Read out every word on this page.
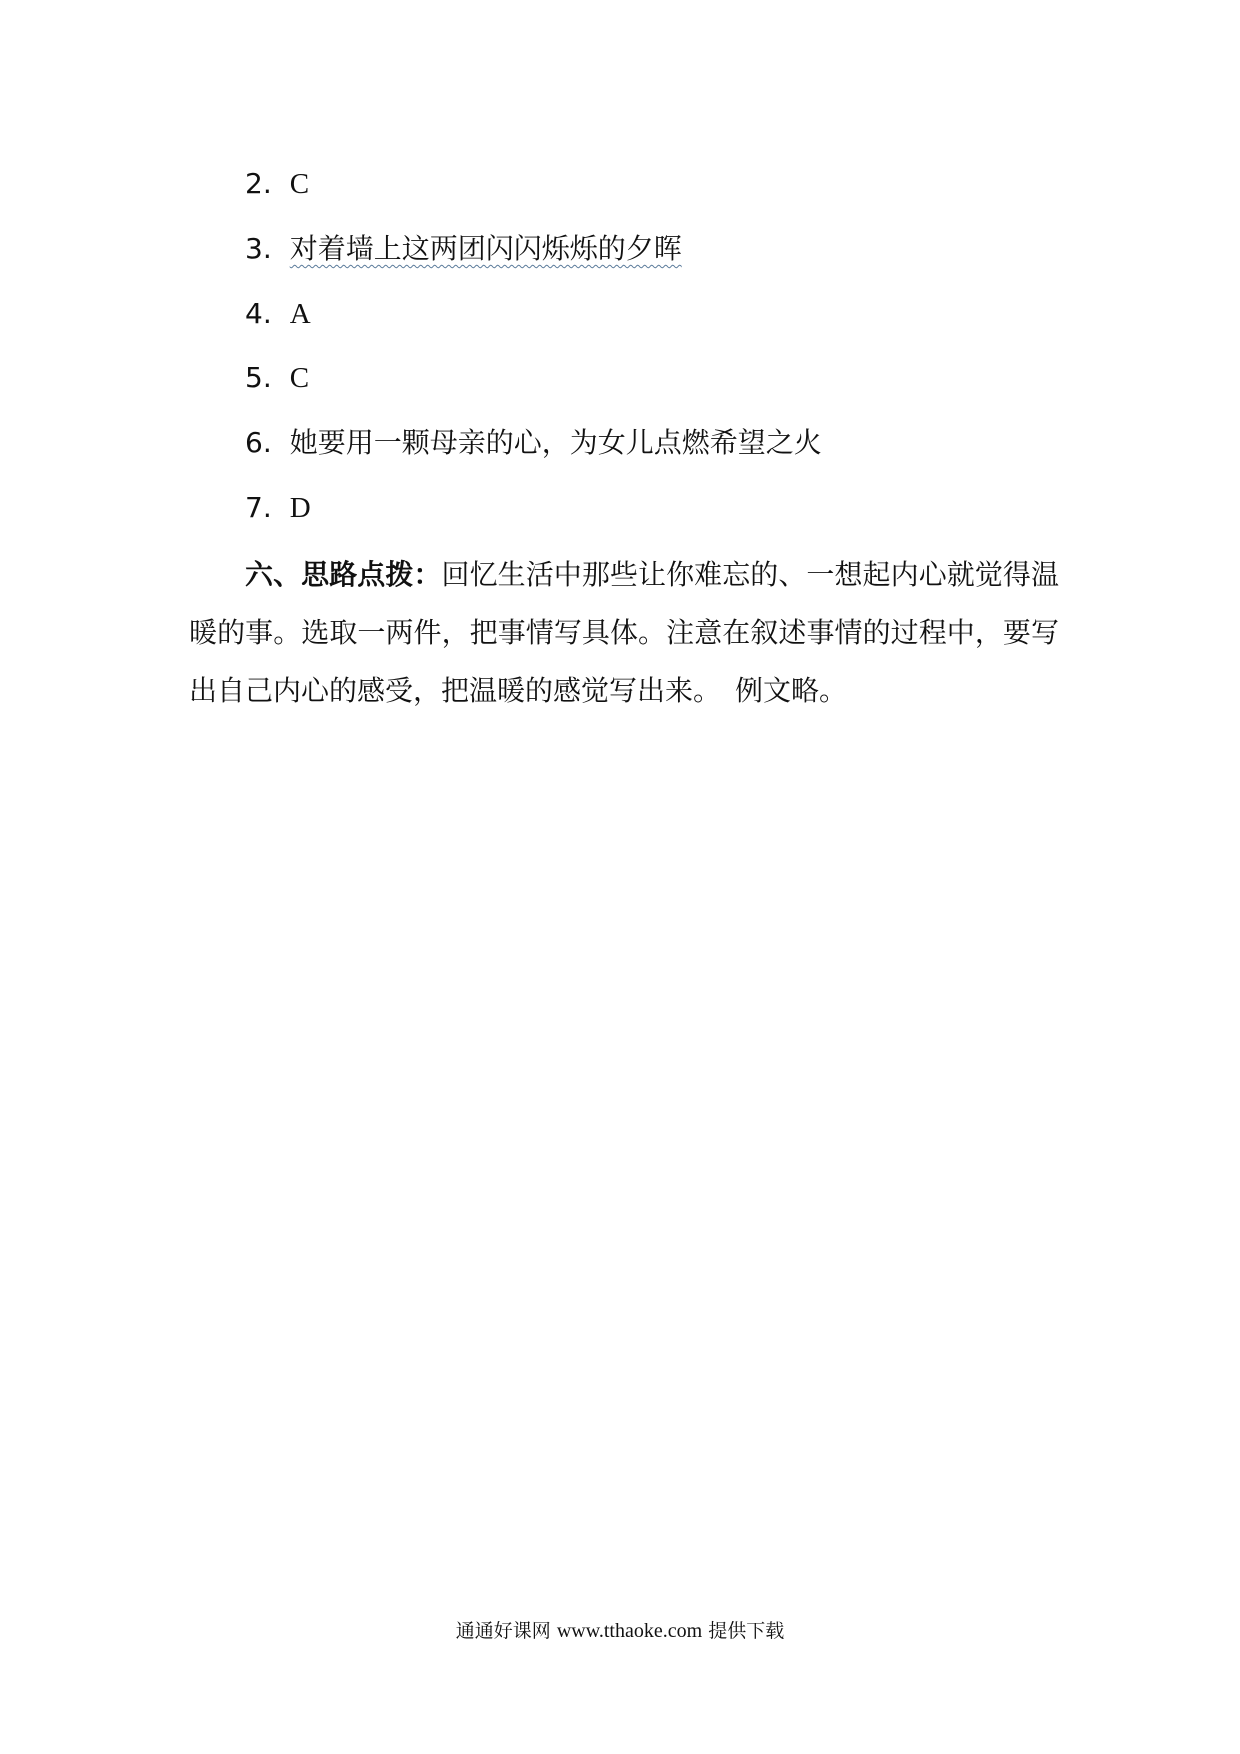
2. C
3. 对着墙上这两团闪闪烁烁的夕晖
4. A
5. C
6. 她要用一颗母亲的心，为女儿点燃希望之火
7. D
六、思路点拨：回忆生活中那些让你难忘的、一想起内心就觉得温暖的事。选取一两件，把事情写具体。注意在叙述事情的过程中，要写出自己内心的感受，把温暖的感觉写出来。　例文略。
通通好课网 www.tthaoke.com 提供下载
